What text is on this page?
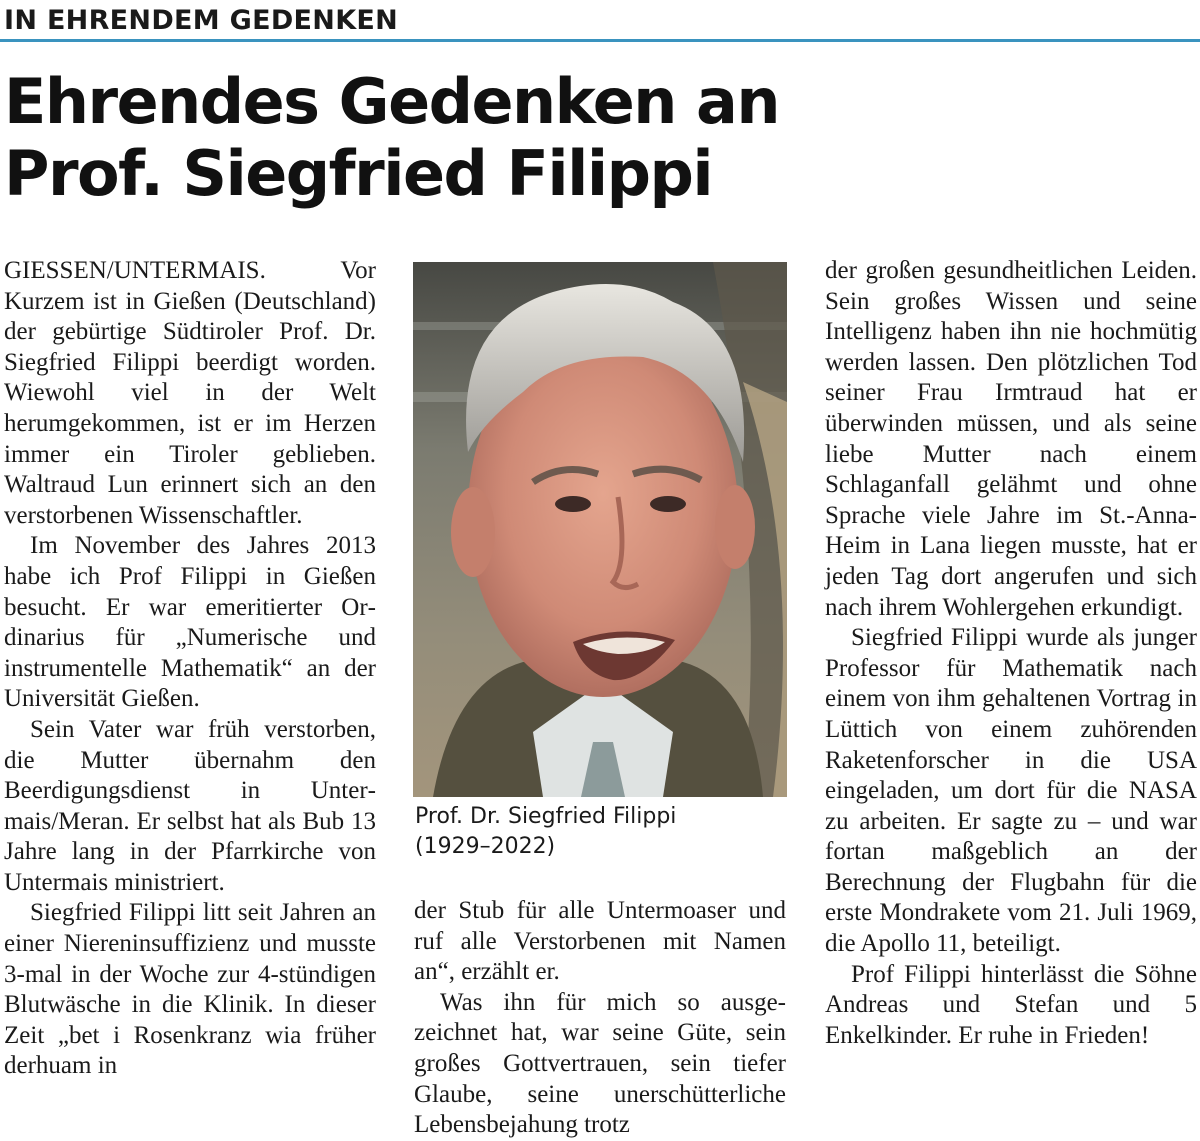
IN EHRENDEM GEDENKEN
Ehrendes Gedenken an
Prof. Siegfried Filippi

GIESSEN/UNTERMAIS. Vor Kurzem ist in Gießen (Deutschland) der gebürtige Südtiroler Prof. Dr. Siegfried Filippi beerdigt worden. Wiewohl viel in der Welt herumgekommen, ist er im Herzen immer ein Tiroler geblieben. Waltraud Lun erinnert sich an den verstorbenen Wissenschaftler.

Im November des Jahres 2013 habe ich Prof Filippi in Gießen besucht. Er war emeritierter Ordinarius für „Numerische und instrumentelle Mathematik“ an der Universität Gießen.

Sein Vater war früh verstorben, die Mutter übernahm den Beerdigungsdienst in Untermais/Meran. Er selbst hat als Bub 13 Jahre lang in der Pfarrkirche von Untermais ministriert.

Siegfried Filippi litt seit Jahren an einer Niereninsuffizienz und musste 3-mal in der Woche zur 4-stündigen Blutwäsche in die Klinik. In dieser Zeit „bet i Rosenkranz wia früher derhuam in

Prof. Dr. Siegfried Filippi
(1929–2022)

der Stub für alle Untermoaser und ruf alle Verstorbenen mit Namen an“, erzählt er.

Was ihn für mich so ausgezeichnet hat, war seine Güte, sein großes Gottvertrauen, sein tiefer Glaube, seine unerschütterliche Lebensbejahung trotz

der großen gesundheitlichen Leiden. Sein großes Wissen und seine Intelligenz haben ihn nie hochmütig werden lassen. Den plötzlichen Tod seiner Frau Irmtraud hat er überwinden müssen, und als seine liebe Mutter nach einem Schlaganfall gelähmt und ohne Sprache viele Jahre im St.-Anna-Heim in Lana liegen musste, hat er jeden Tag dort angerufen und sich nach ihrem Wohlergehen erkundigt.

Siegfried Filippi wurde als junger Professor für Mathematik nach einem von ihm gehaltenen Vortrag in Lüttich von einem zuhörenden Raketenforscher in die USA eingeladen, um dort für die NASA zu arbeiten. Er sagte zu – und war fortan maßgeblich an der Berechnung der Flugbahn für die erste Mondrakete vom 21. Juli 1969, die Apollo 11, beteiligt.

Prof Filippi hinterlässt die Söhne Andreas und Stefan und 5 Enkelkinder. Er ruhe in Frieden!
